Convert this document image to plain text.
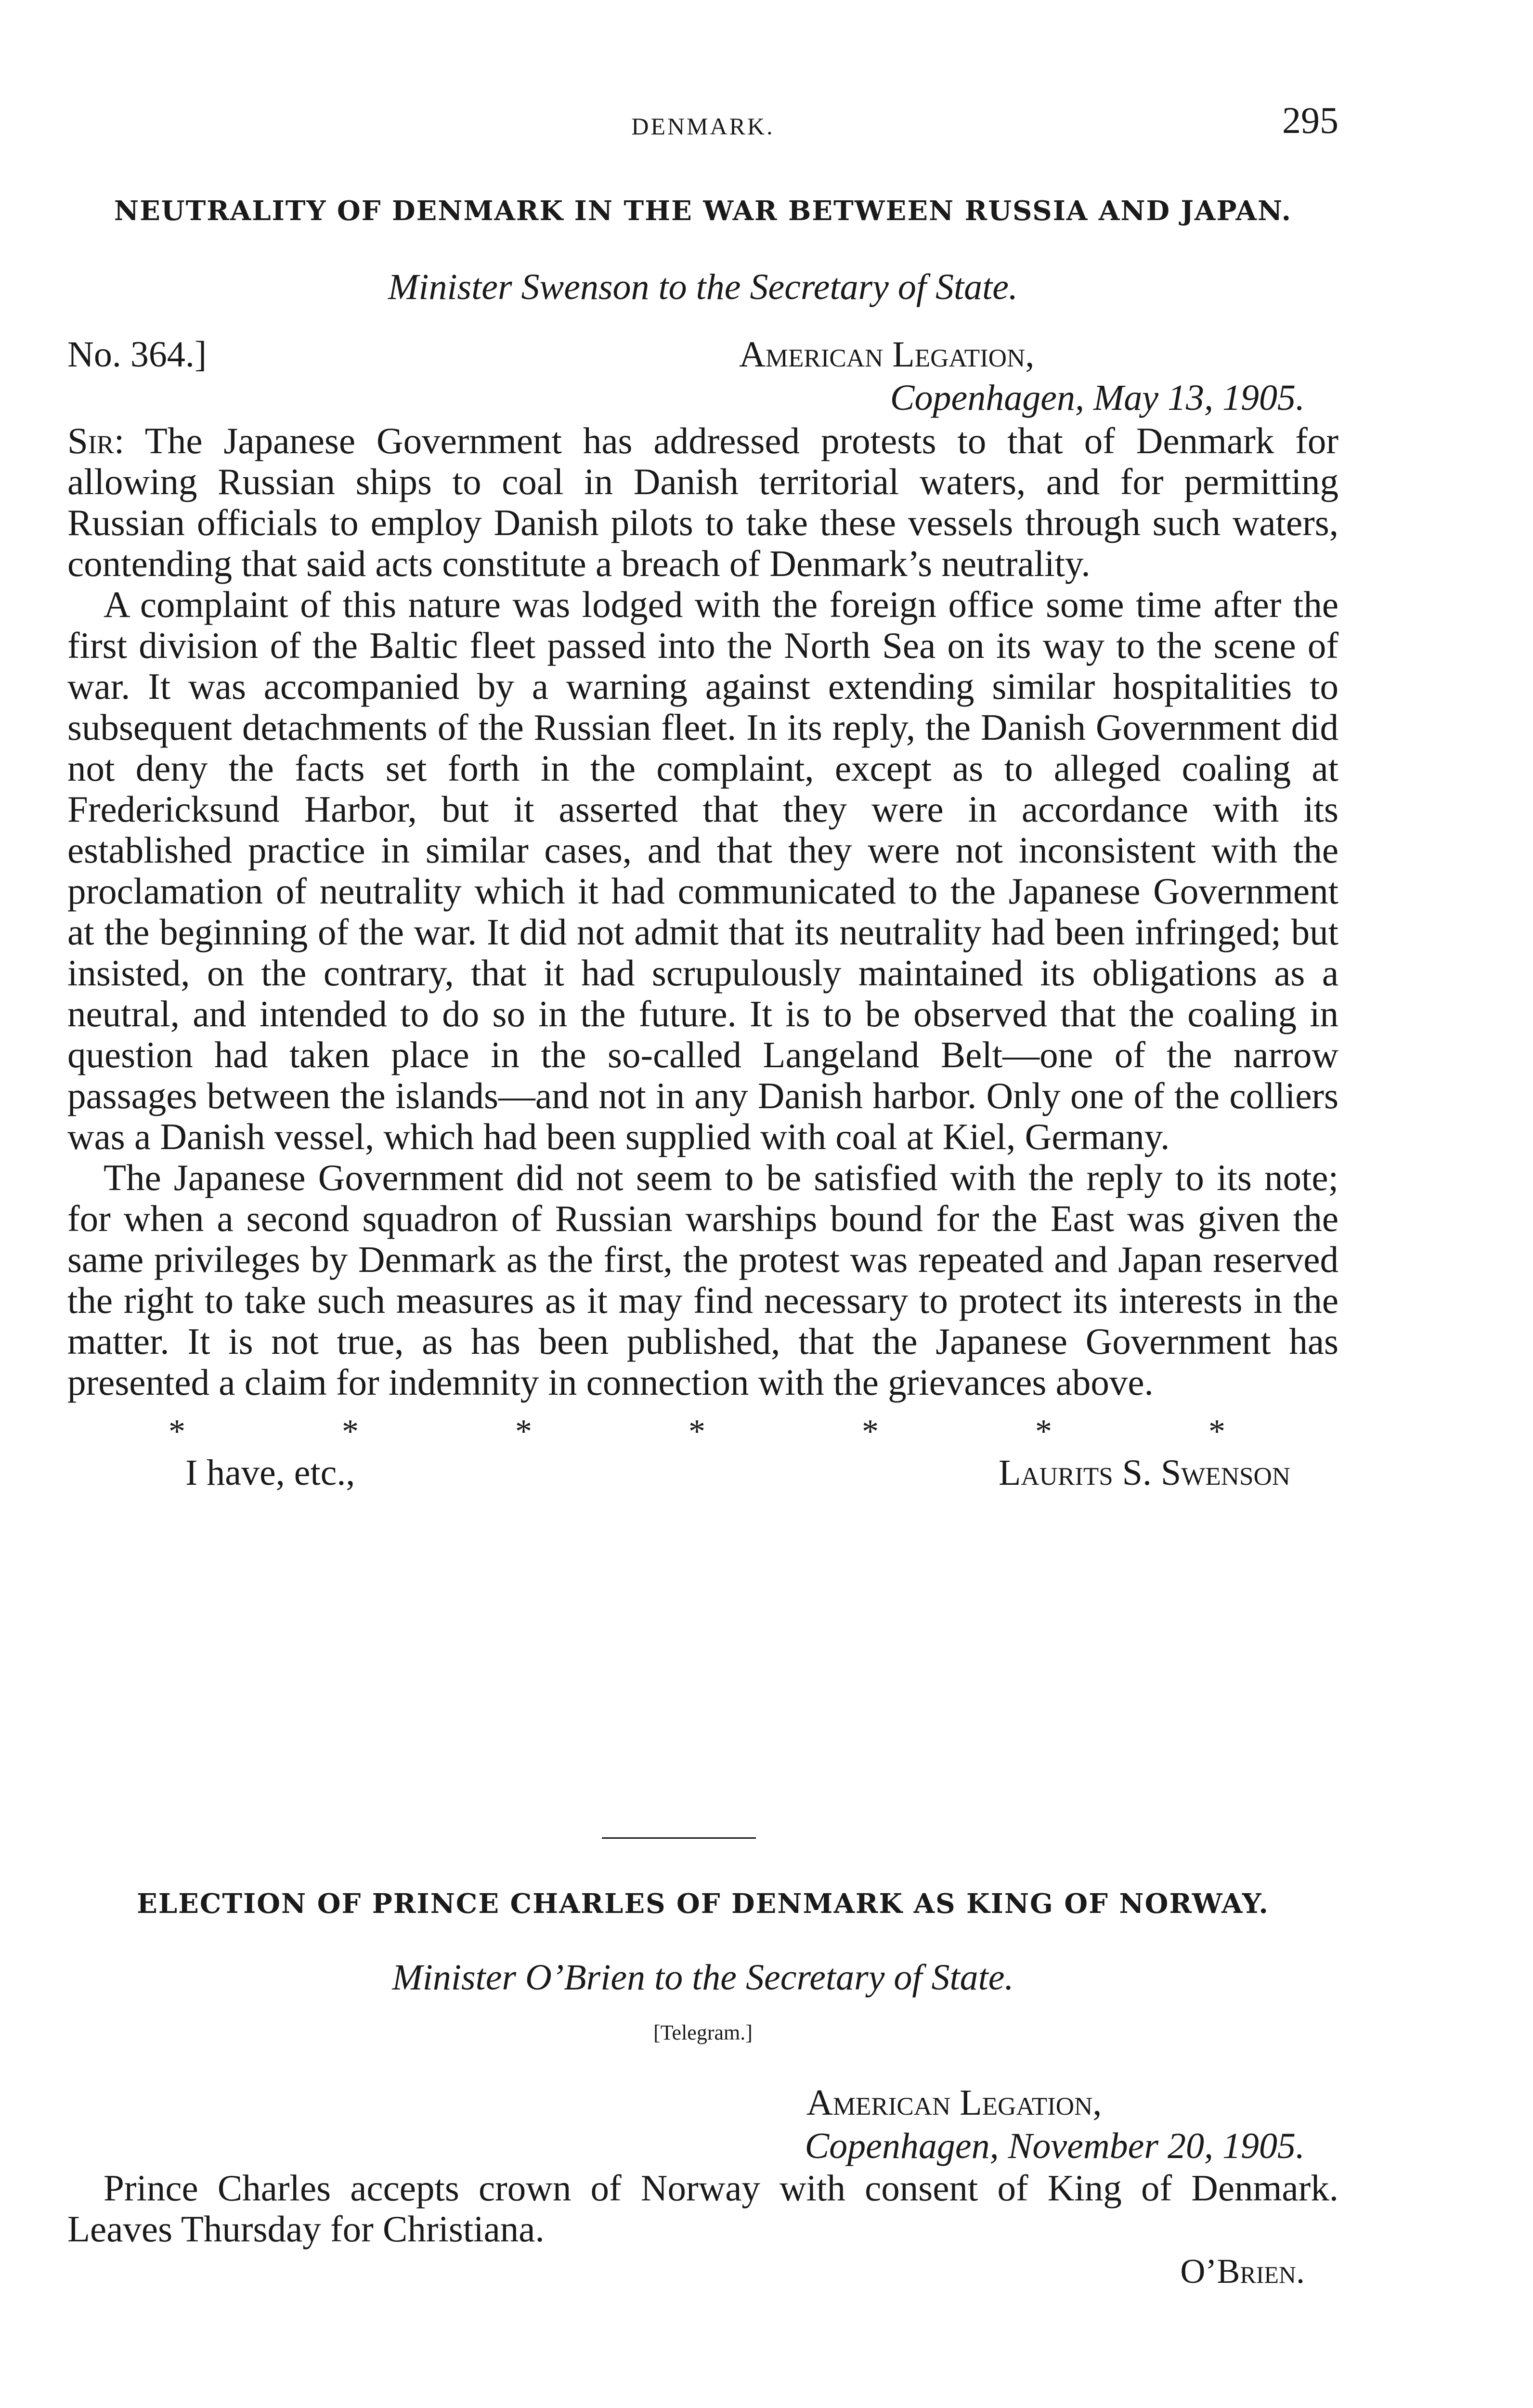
DENMARK.	295
NEUTRALITY OF DENMARK IN THE WAR BETWEEN RUSSIA AND JAPAN.
Minister Swenson to the Secretary of State.
No. 364.]	American Legation,
Copenhagen, May 13, 1905.

Sir: The Japanese Government has addressed protests to that of Denmark for allowing Russian ships to coal in Danish territorial waters, and for permitting Russian officials to employ Danish pilots to take these vessels through such waters, contending that said acts constitute a breach of Denmark’s neutrality.

A complaint of this nature was lodged with the foreign office some time after the first division of the Baltic fleet passed into the North Sea on its way to the scene of war. It was accompanied by a warning against extending similar hospitalities to subsequent detachments of the Russian fleet. In its reply, the Danish Government did not deny the facts set forth in the complaint, except as to alleged coaling at Fredericksund Harbor, but it asserted that they were in accordance with its established practice in similar cases, and that they were not inconsistent with the proclamation of neutrality which it had communicated to the Japanese Government at the beginning of the war. It did not admit that its neutrality had been infringed; but insisted, on the contrary, that it had scrupulously maintained its obligations as a neutral, and intended to do so in the future. It is to be observed that the coaling in question had taken place in the so-called Langeland Belt—one of the narrow passages between the islands—and not in any Danish harbor. Only one of the colliers was a Danish vessel, which had been supplied with coal at Kiel, Germany.

The Japanese Government did not seem to be satisfied with the reply to its note; for when a second squadron of Russian warships bound for the East was given the same privileges by Denmark as the first, the protest was repeated and Japan reserved the right to take such measures as it may find necessary to protect its interests in the matter. It is not true, as has been published, that the Japanese Government has presented a claim for indemnity in connection with the grievances above.

*	*	*	*	*	*	*
I have, etc.,	Laurits S. Swenson
ELECTION OF PRINCE CHARLES OF DENMARK AS KING OF NORWAY.
Minister O’Brien to the Secretary of State.
[Telegram.]
American Legation,
Copenhagen, November 20, 1905.

Prince Charles accepts crown of Norway with consent of King of Denmark. Leaves Thursday for Christiana.

O’Brien.
